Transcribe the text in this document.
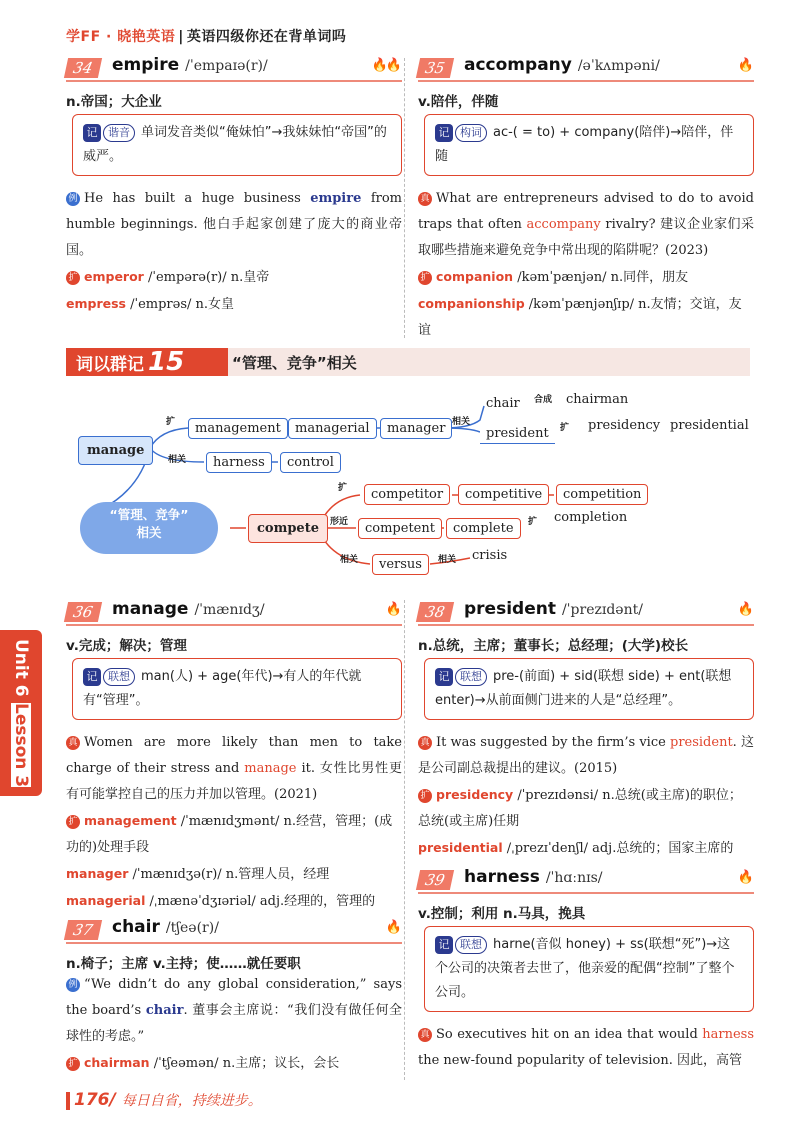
学FF · 晓艳英语 | 英语四级你还在背单词吗
34	empire /ˈempaɪə(r)/	🔥🔥

n.帝国；大企业

记 谐音 单词发音类似“俺妹怕”→我妹妹怕“帝国”的威严。

例 He has built a huge business empire from humble beginnings. 他白手起家创建了庞大的商业帝国。

扩 emperor /ˈempərə(r)/ n.皇帝

empress /ˈemprəs/ n.女皇

35	accompany /əˈkʌmpəni/	🔥

v.陪伴，伴随

记 构词 ac-( = to) + company(陪伴)→陪伴，伴随

真 What are entrepreneurs advised to do to avoid traps that often accompany rivalry? 建议企业家们采取哪些措施来避免竞争中常出现的陷阱呢？(2023)

扩 companion /kəmˈpænjən/ n.同伴，朋友

companionship /kəmˈpænjənʃɪp/ n.友情；交谊，友谊

词以群记 15	“管理、竞争”相关
manage
management	managerial	manager
chair	chairman
president
presidency presidential
harness	control
“管理、竞争”
相关	compete
competitor	competitive	competition
competent	complete
completion
versus
crisis
扩
相关
相关
合成
扩
扩
形近	扩
相关	相关
Unit 6 Lesson 3
36	manage /ˈmænɪdʒ/	🔥

v.完成；解决；管理

记 联想 man(人) + age(年代)→有人的年代就有“管理”。

真 Women are more likely than men to take charge of their stress and manage it. 女性比男性更有可能掌控自己的压力并加以管理。(2021)

扩 management /ˈmænɪdʒmənt/ n.经营，管理；(成功的)处理手段

manager /ˈmænɪdʒə(r)/ n.管理人员，经理

managerial /ˌmænəˈdʒɪəriəl/ adj.经理的，管理的

37	chair /tʃeə(r)/	🔥

n.椅子；主席 v.主持；使……就任要职

例 “We didn’t do any global consideration,” says the board’s chair. 董事会主席说：“我们没有做任何全球性的考虑。”

扩 chairman /ˈtʃeəmən/ n.主席；议长，会长

38	president /ˈprezɪdənt/	🔥

n.总统，主席；董事长；总经理；(大学)校长

记 联想 pre-(前面) + sid(联想 side) + ent(联想 enter)→从前面侧门进来的人是“总经理”。

真 It was suggested by the firm’s vice president. 这是公司副总裁提出的建议。(2015)

扩 presidency /ˈprezɪdənsi/ n.总统(或主席)的职位；总统(或主席)任期

presidential /ˌprezɪˈdenʃl/ adj.总统的；国家主席的

39	harness /ˈhɑːnɪs/	🔥

v.控制；利用 n.马具，挽具

记 联想 harne(音似 honey) + ss(联想“死”)→这个公司的决策者去世了，他亲爱的配偶“控制”了整个公司。

真 So executives hit on an idea that would harness the new-found popularity of television. 因此，高管

176/ 每日自省，持续进步。
